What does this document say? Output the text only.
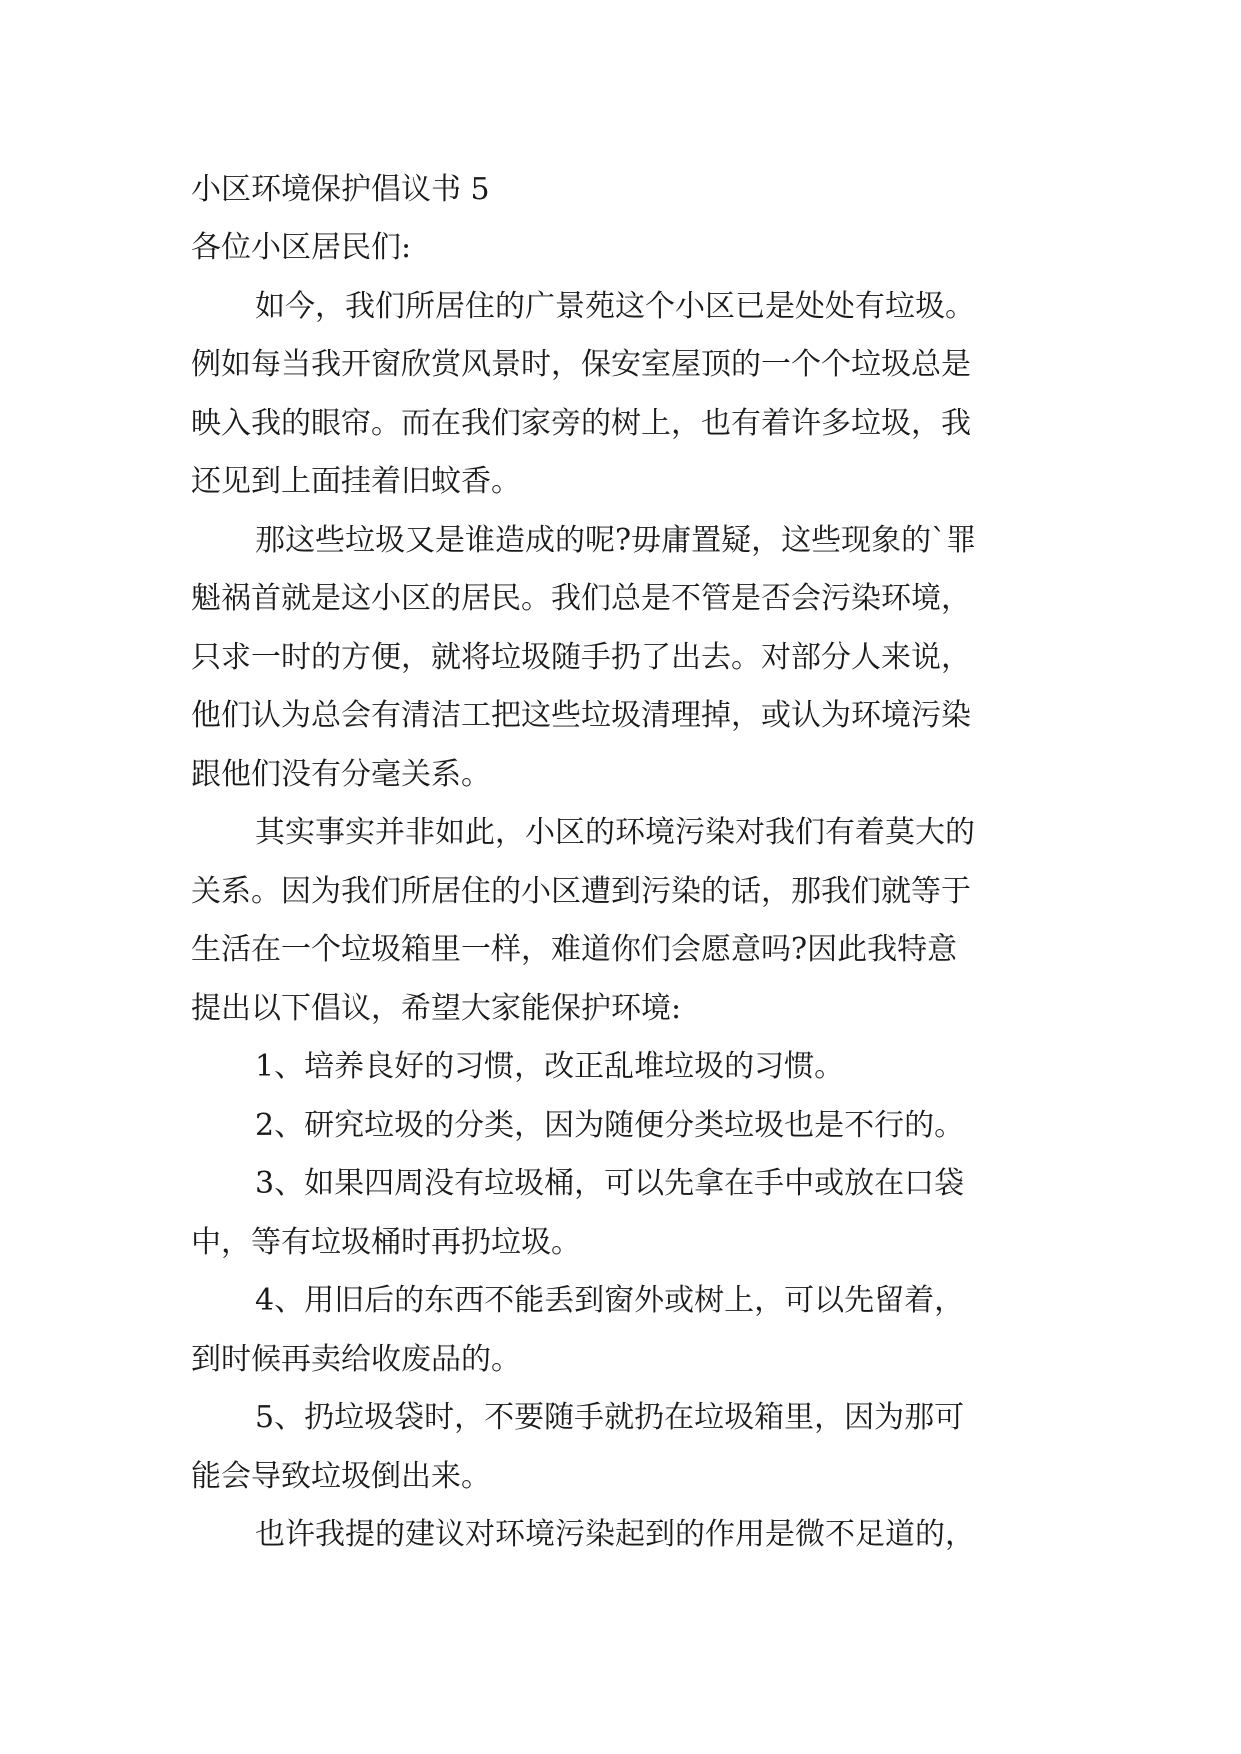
小区环境保护倡议书 5
各位小区居民们:
如今，我们所居住的广景苑这个小区已是处处有垃圾。
例如每当我开窗欣赏风景时，保安室屋顶的一个个垃圾总是
映入我的眼帘。而在我们家旁的树上，也有着许多垃圾，我
还见到上面挂着旧蚊香。
那这些垃圾又是谁造成的呢?毋庸置疑，这些现象的`罪
魁祸首就是这小区的居民。我们总是不管是否会污染环境，
只求一时的方便，就将垃圾随手扔了出去。对部分人来说，
他们认为总会有清洁工把这些垃圾清理掉，或认为环境污染
跟他们没有分毫关系。
其实事实并非如此，小区的环境污染对我们有着莫大的
关系。因为我们所居住的小区遭到污染的话，那我们就等于
生活在一个垃圾箱里一样，难道你们会愿意吗?因此我特意
提出以下倡议，希望大家能保护环境:
1、培养良好的习惯，改正乱堆垃圾的习惯。
2、研究垃圾的分类，因为随便分类垃圾也是不行的。
3、如果四周没有垃圾桶，可以先拿在手中或放在口袋
中，等有垃圾桶时再扔垃圾。
4、用旧后的东西不能丢到窗外或树上，可以先留着，
到时候再卖给收废品的。
5、扔垃圾袋时，不要随手就扔在垃圾箱里，因为那可
能会导致垃圾倒出来。
也许我提的建议对环境污染起到的作用是微不足道的，
